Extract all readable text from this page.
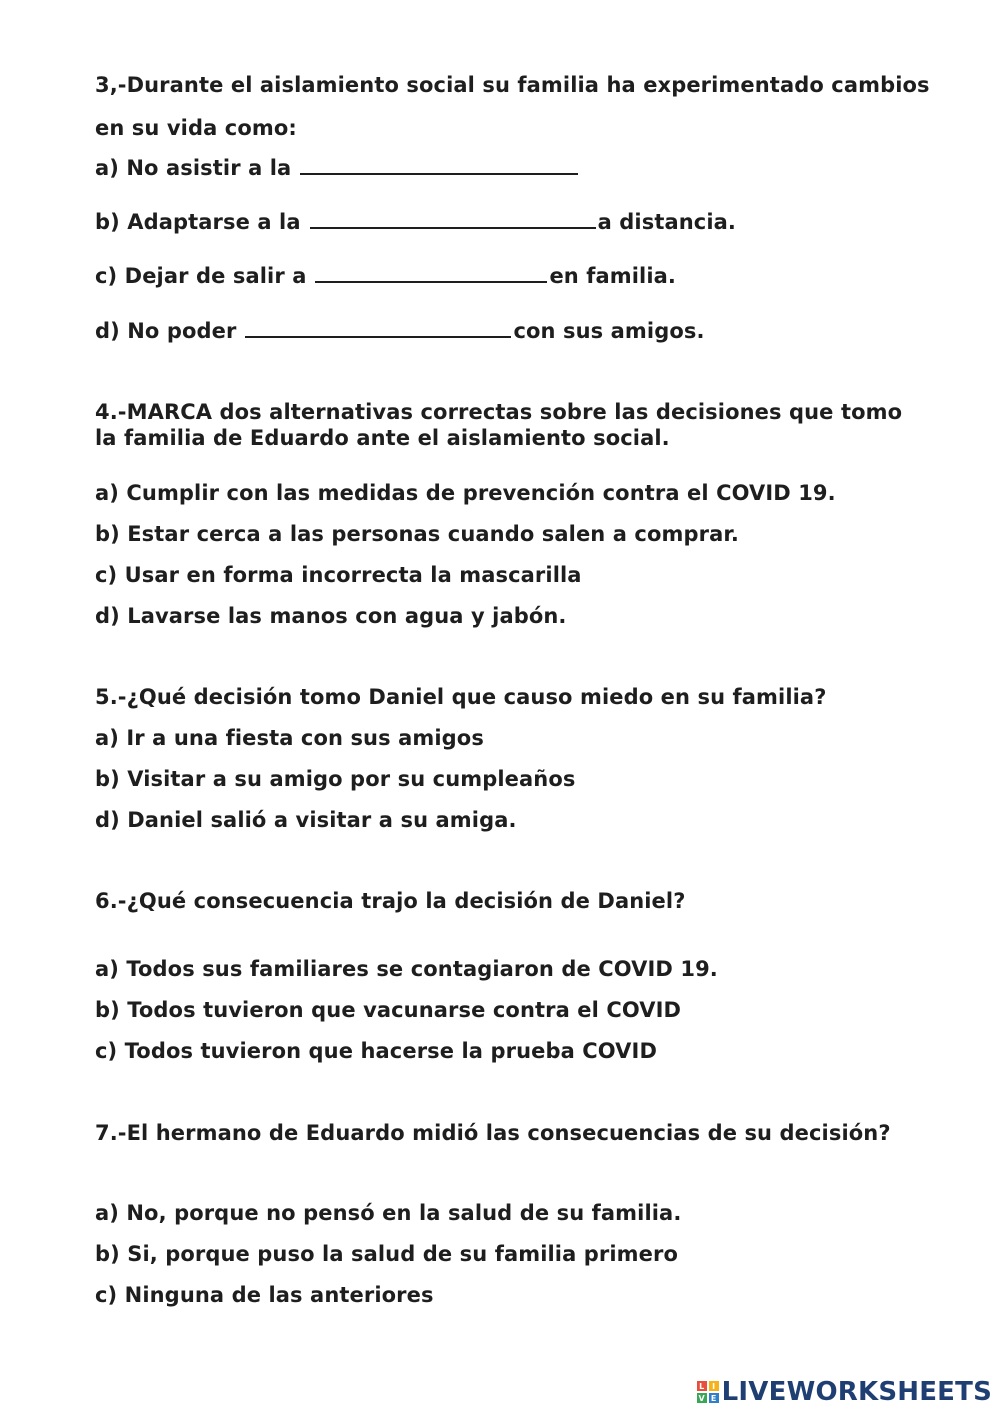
3,-Durante el aislamiento social su familia ha experimentado cambios
en su vida como:
a) No asistir a la
b) Adaptarse a la	a distancia.
c) Dejar de salir a	en familia.
d) No poder	con sus amigos.
4.-MARCA dos alternativas correctas sobre las decisiones que tomo
la familia de Eduardo ante el aislamiento social.
a) Cumplir con las medidas de prevención contra el COVID 19.
b) Estar cerca a las personas cuando salen a comprar.
c) Usar en forma incorrecta la mascarilla
d) Lavarse las manos con agua y jabón.
5.-¿Qué decisión tomo Daniel que causo miedo en su familia?
a) Ir a una fiesta con sus amigos
b) Visitar a su amigo por su cumpleaños
d) Daniel salió a visitar a su amiga.
6.-¿Qué consecuencia trajo la decisión de Daniel?
a) Todos sus familiares se contagiaron de COVID 19.
b) Todos tuvieron que vacunarse contra el COVID
c) Todos tuvieron que hacerse la prueba COVID
7.-El hermano de Eduardo midió las consecuencias de su decisión?
a) No, porque no pensó en la salud de su familia.
b) Si, porque puso la salud de su familia primero
c) Ninguna de las anteriores
L I
V E LIVEWORKSHEETS
